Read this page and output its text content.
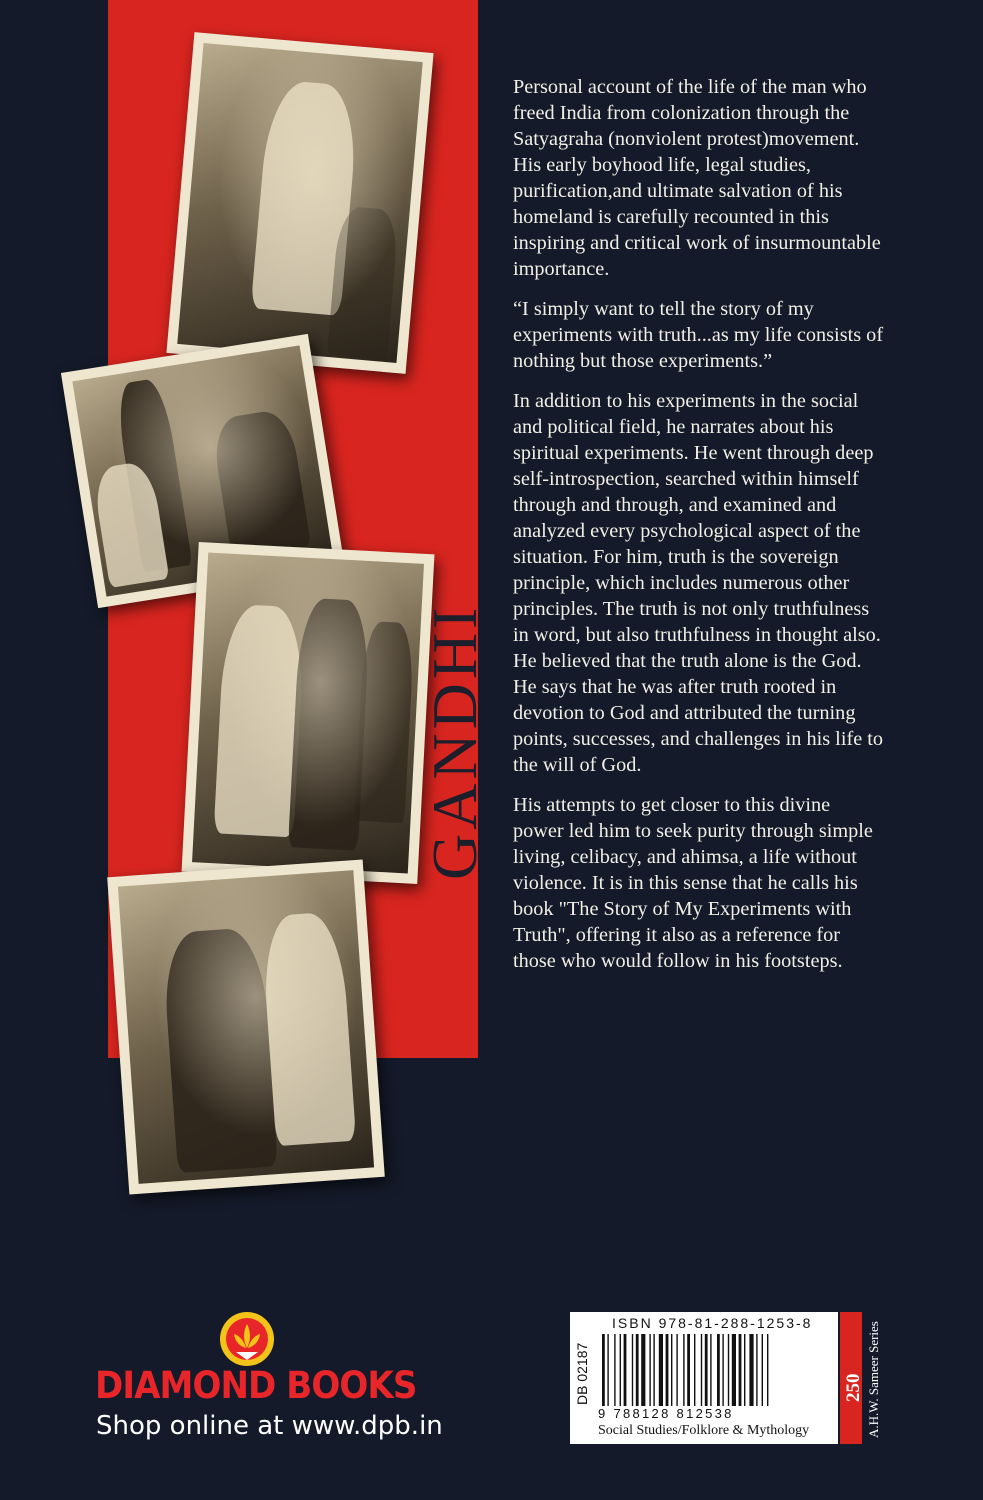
GANDHI

Personal account of the life of the man who freed India from colonization through the Satyagraha (nonviolent protest)movement. His early boyhood life, legal studies, purification,and ultimate salvation of his homeland is carefully recounted in this inspiring and critical work of insurmountable importance.

“I simply want to tell the story of my experiments with truth...as my life consists of nothing but those experiments.”

In addition to his experiments in the social and political field, he narrates about his spiritual experiments. He went through deep self-introspection, searched within himself through and through, and examined and analyzed every psychological aspect of the situation. For him, truth is the sovereign principle, which includes numerous other principles. The truth is not only truthfulness in word, but also truthfulness in thought also. He believed that the truth alone is the God. He says that he was after truth rooted in devotion to God and attributed the turning points, successes, and challenges in his life to the will of God.

His attempts to get closer to this divine power led him to seek purity through simple living, celibacy, and ahimsa, a life without violence. It is in this sense that he calls his book "The Story of My Experiments with Truth", offering it also as a reference for those who would follow in his footsteps.

DIAMOND BOOKS
Shop online at www.dpb.in
ISBN 978-81-288-1253-8
DB 02187
9 788128 812538
Social Studies/Folklore & Mythology
250 A.H.W. Sameer Series
